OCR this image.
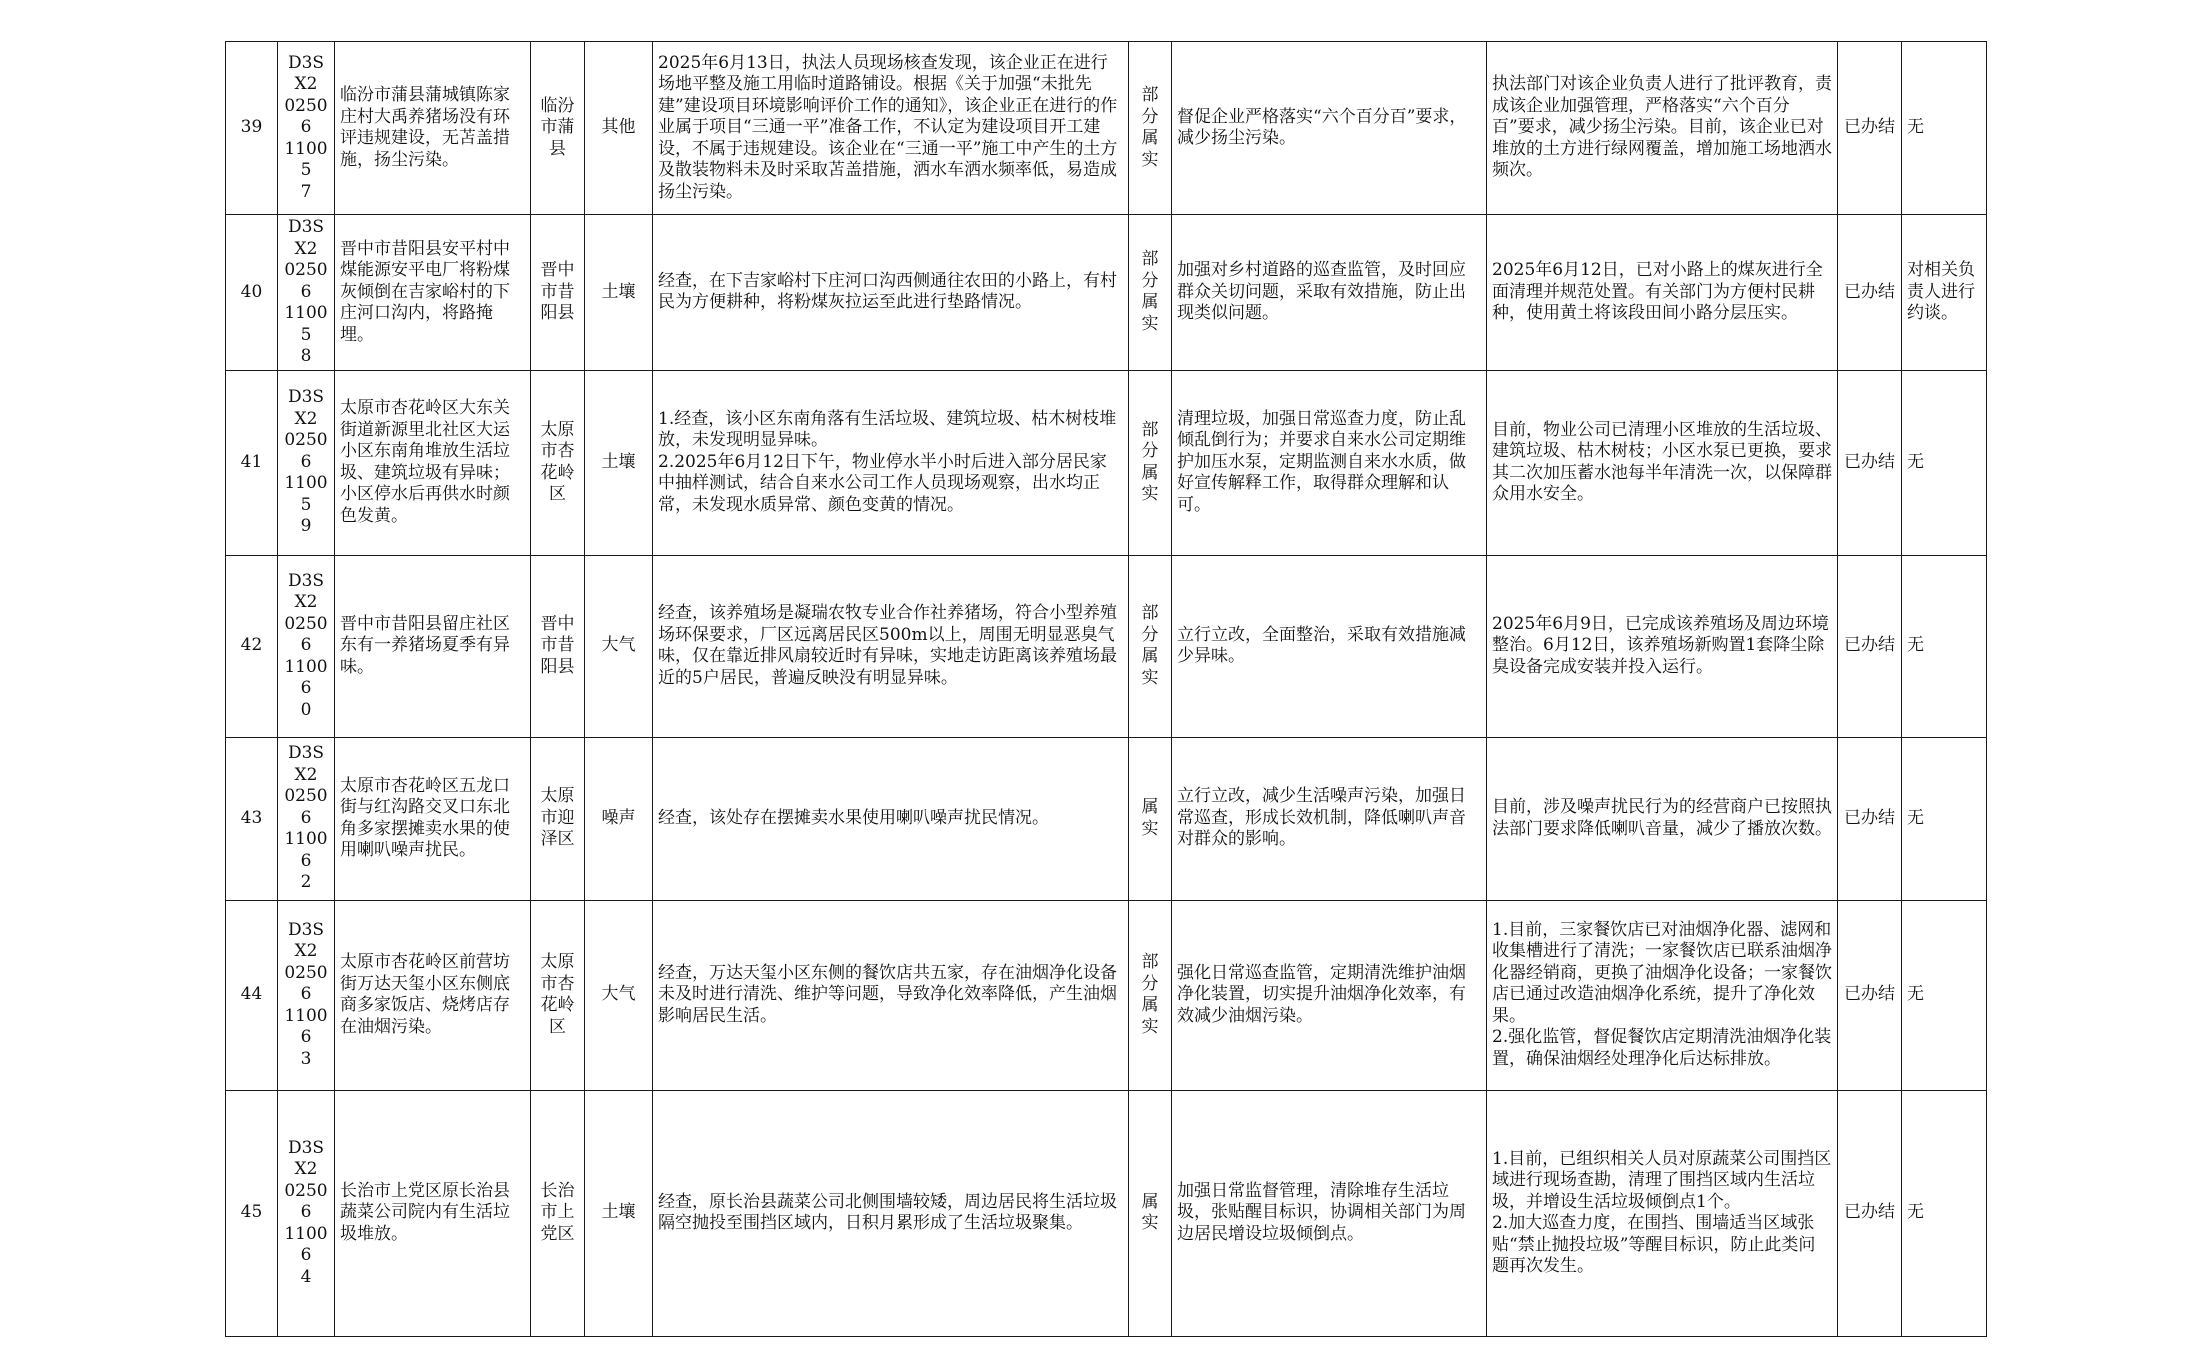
39	D3SX2
02506
11005
7	临汾市蒲县蒲城镇陈家庄村大禹养猪场没有环评违规建设，无苫盖措施，扬尘污染。	临汾
市蒲
县	其他	2025年6月13日，执法人员现场核查发现，该企业正在进行场地平整及施工用临时道路铺设。根据《关于加强“未批先建”建设项目环境影响评价工作的通知》，该企业正在进行的作业属于项目“三通一平”准备工作，不认定为建设项目开工建设，不属于违规建设。该企业在“三通一平”施工中产生的土方及散装物料未及时采取苫盖措施，洒水车洒水频率低，易造成扬尘污染。	部分
属实	督促企业严格落实“六个百分百”要求，减少扬尘污染。	执法部门对该企业负责人进行了批评教育，责成该企业加强管理，严格落实“六个百分百”要求，减少扬尘污染。目前，该企业已对堆放的土方进行绿网覆盖，增加施工场地洒水频次。	已办结	无
40	D3SX2
02506
11005
8	晋中市昔阳县安平村中煤能源安平电厂将粉煤灰倾倒在吉家峪村的下庄河口沟内，将路掩埋。	晋中
市昔
阳县	土壤	经查，在下吉家峪村下庄河口沟西侧通往农田的小路上，有村民为方便耕种，将粉煤灰拉运至此进行垫路情况。	部分
属实	加强对乡村道路的巡查监管，及时回应群众关切问题，采取有效措施，防止出现类似问题。	2025年6月12日，已对小路上的煤灰进行全面清理并规范处置。有关部门为方便村民耕种，使用黄土将该段田间小路分层压实。	已办结	对相关负责人进行约谈。
41	D3SX2
02506
11005
9	太原市杏花岭区大东关街道新源里北社区大运小区东南角堆放生活垃圾、建筑垃圾有异味；小区停水后再供水时颜色发黄。	太原
市杏
花岭
区	土壤	1.经查，该小区东南角落有生活垃圾、建筑垃圾、枯木树枝堆放，未发现明显异味。
2.2025年6月12日下午，物业停水半小时后进入部分居民家中抽样测试，结合自来水公司工作人员现场观察，出水均正常，未发现水质异常、颜色变黄的情况。	部分
属实	清理垃圾，加强日常巡查力度，防止乱倾乱倒行为；并要求自来水公司定期维护加压水泵，定期监测自来水水质，做好宣传解释工作，取得群众理解和认可。	目前，物业公司已清理小区堆放的生活垃圾、建筑垃圾、枯木树枝；小区水泵已更换，要求其二次加压蓄水池每半年清洗一次，以保障群众用水安全。	已办结	无
42	D3SX2
02506
11006
0	晋中市昔阳县留庄社区东有一养猪场夏季有异味。	晋中
市昔
阳县	大气	经查，该养殖场是凝瑞农牧专业合作社养猪场，符合小型养殖场环保要求，厂区远离居民区500m以上，周围无明显恶臭气味，仅在靠近排风扇较近时有异味，实地走访距离该养殖场最近的5户居民，普遍反映没有明显异味。	部分
属实	立行立改，全面整治，采取有效措施减少异味。	2025年6月9日，已完成该养殖场及周边环境整治。6月12日，该养殖场新购置1套降尘除臭设备完成安装并投入运行。	已办结	无
43	D3SX2
02506
11006
2	太原市杏花岭区五龙口街与红沟路交叉口东北角多家摆摊卖水果的使用喇叭噪声扰民。	太原
市迎
泽区	噪声	经查，该处存在摆摊卖水果使用喇叭噪声扰民情况。	属实	立行立改，减少生活噪声污染，加强日常巡查，形成长效机制，降低喇叭声音对群众的影响。	目前，涉及噪声扰民行为的经营商户已按照执法部门要求降低喇叭音量，减少了播放次数。	已办结	无
44	D3SX2
02506
11006
3	太原市杏花岭区前营坊街万达天玺小区东侧底商多家饭店、烧烤店存在油烟污染。	太原
市杏
花岭
区	大气	经查，万达天玺小区东侧的餐饮店共五家，存在油烟净化设备未及时进行清洗、维护等问题，导致净化效率降低，产生油烟影响居民生活。	部分
属实	强化日常巡查监管，定期清洗维护油烟净化装置，切实提升油烟净化效率，有效减少油烟污染。	1.目前，三家餐饮店已对油烟净化器、滤网和收集槽进行了清洗；一家餐饮店已联系油烟净化器经销商，更换了油烟净化设备；一家餐饮店已通过改造油烟净化系统，提升了净化效果。
2.强化监管，督促餐饮店定期清洗油烟净化装置，确保油烟经处理净化后达标排放。	已办结	无
45	D3SX2
02506
11006
4	长治市上党区原长治县蔬菜公司院内有生活垃圾堆放。	长治
市上
党区	土壤	经查，原长治县蔬菜公司北侧围墙较矮，周边居民将生活垃圾隔空抛投至围挡区域内，日积月累形成了生活垃圾聚集。	属实	加强日常监督管理，清除堆存生活垃圾，张贴醒目标识，协调相关部门为周边居民增设垃圾倾倒点。	1.目前，已组织相关人员对原蔬菜公司围挡区域进行现场查勘，清理了围挡区域内生活垃圾，并增设生活垃圾倾倒点1个。
2.加大巡查力度，在围挡、围墙适当区域张贴“禁止抛投垃圾”等醒目标识，防止此类问题再次发生。	已办结	无
